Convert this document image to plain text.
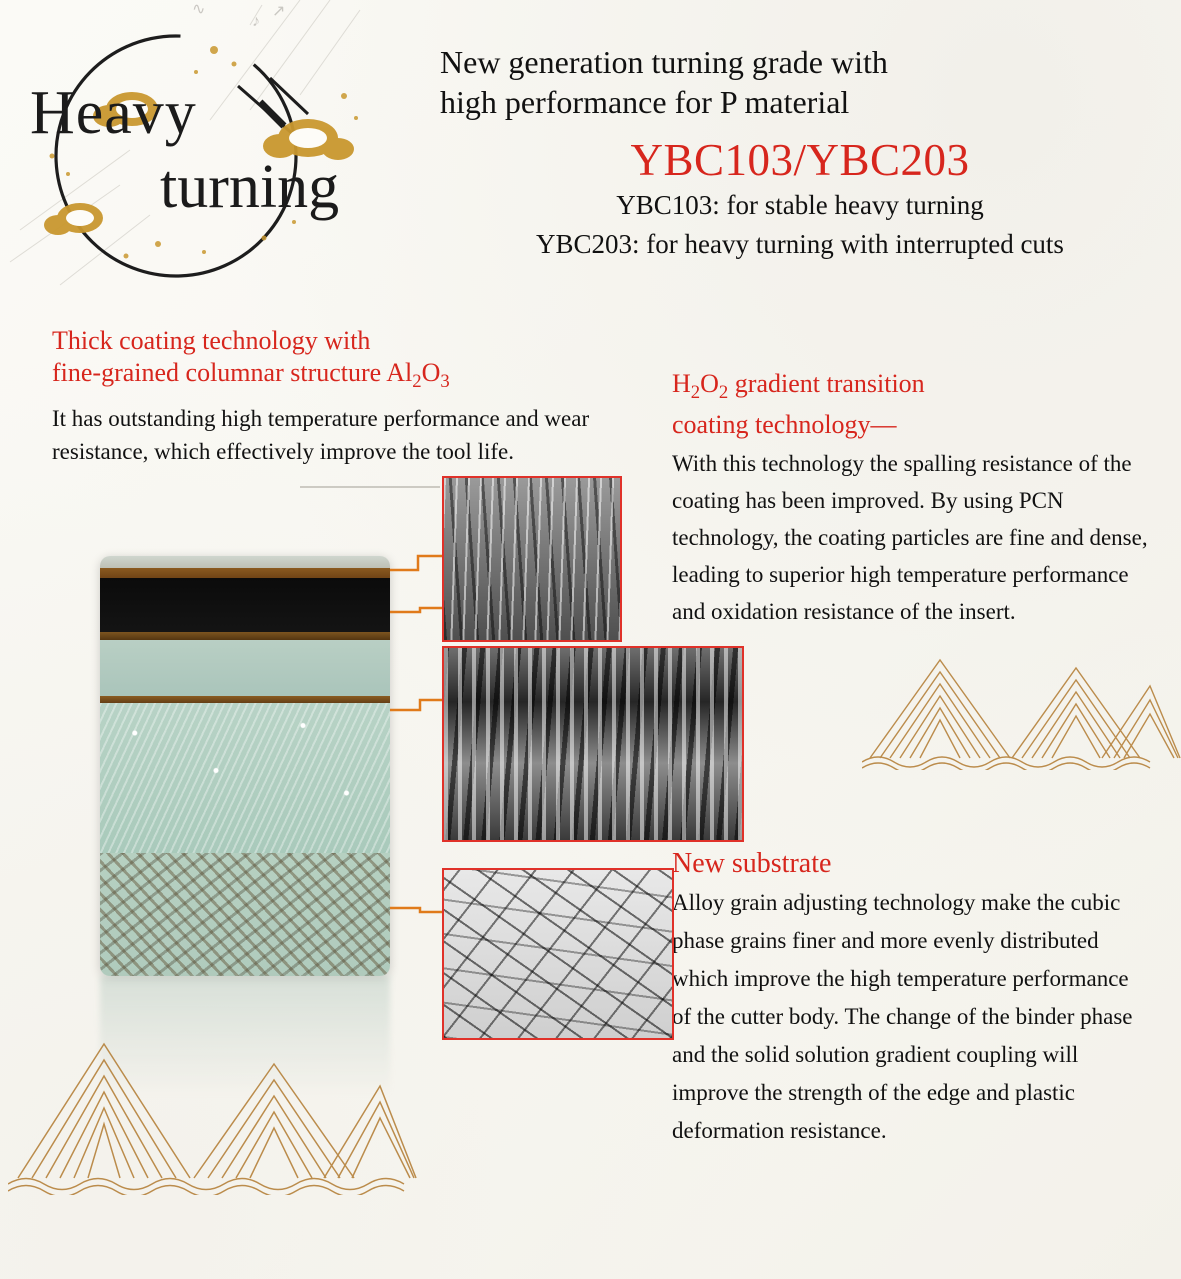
♪
↗
∿
Heavy
turning
New generation turning grade with
high performance for P material
YBC103/YBC203
YBC103: for stable heavy turning
YBC203: for heavy turning with interrupted cuts
Thick coating technology with
fine-grained columnar structure $Al_2O_3$
It has outstanding high temperature performance and wear resistance, which effectively improve the tool life.
$H_2O_2$ gradient transition
coating technology—
With this technology the spalling resistance of the coating has been improved. By using PCN technology, the coating particles are fine and dense, leading to superior high temperature performance and oxidation resistance of the insert.
New substrate
Alloy grain adjusting technology make the cubic phase grains finer and more evenly distributed which improve the high temperature performance of the cutter body. The change of the binder phase and the solid solution gradient coupling will improve the strength of the edge and plastic deformation resistance.
